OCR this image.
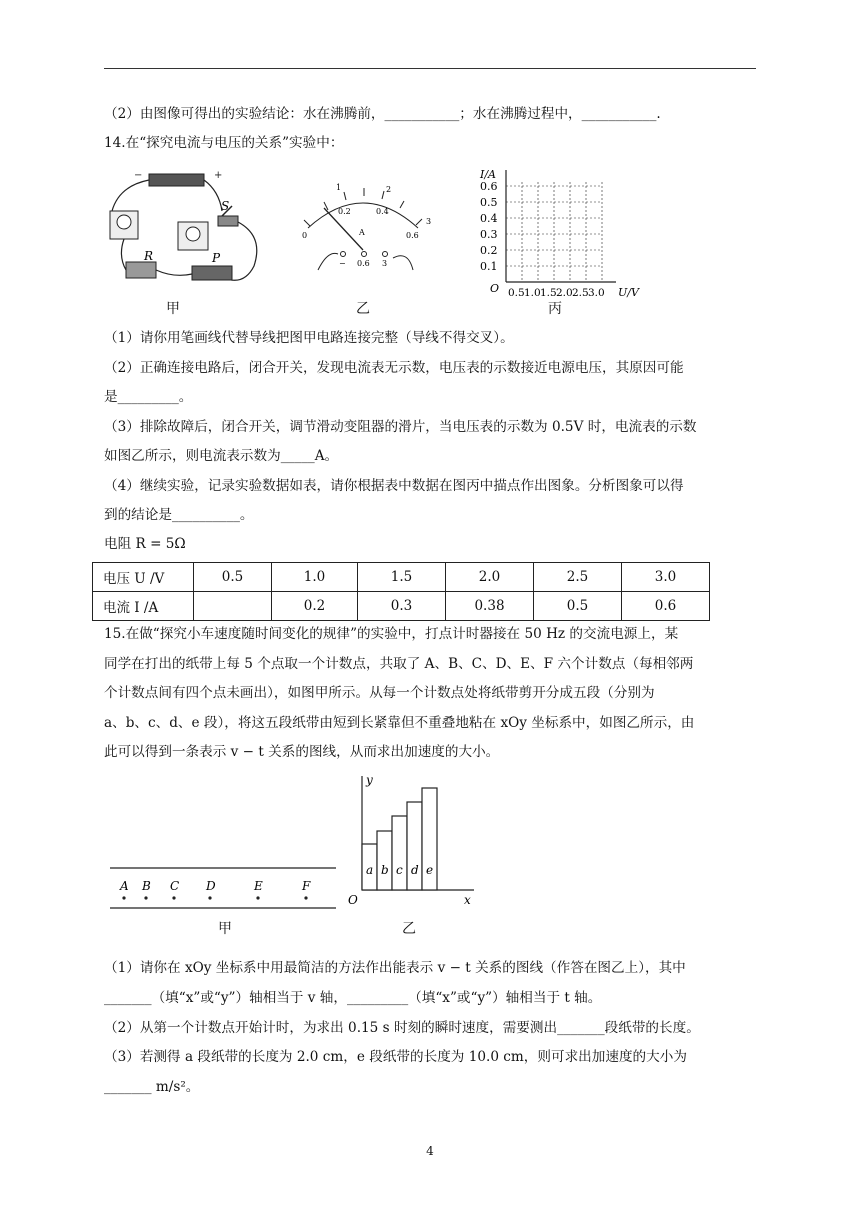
（2）由图像可得出的实验结论：水在沸腾前，___________；水在沸腾过程中，___________.
14.在“探究电流与电压的关系”实验中：
−	+
S
R	P
甲
0
0.2	0.4
0.6
1	2
3
A
− 0.6 3
乙
I/A
U/V
O
0.6
0.5
0.4
0.3
0.2
0.1
0.5 1.0 1.5 2.0 2.5 3.0
丙
（1）请你用笔画线代替导线把图甲电路连接完整（导线不得交叉）。
（2）正确连接电路后，闭合开关，发现电流表无示数，电压表的示数接近电源电压，其原因可能
是_________。
（3）排除故障后，闭合开关，调节滑动变阻器的滑片，当电压表的示数为 0.5V 时，电流表的示数
如图乙所示，则电流表示数为_____A。
（4）继续实验，记录实验数据如表，请你根据表中数据在图丙中描点作出图象。分析图象可以得
到的结论是__________。
电阻 R = 5Ω
电压 U /V	0.5	1.0	1.5	2.0	2.5	3.0
电流 I /A		0.2	0.3	0.38	0.5	0.6
15.在做“探究小车速度随时间变化的规律”的实验中，打点计时器接在 50 Hz 的交流电源上，某
同学在打出的纸带上每 5 个点取一个计数点，共取了 A、B、C、D、E、F 六个计数点（每相邻两
个计数点间有四个点未画出），如图甲所示。从每一个计数点处将纸带剪开分成五段（分别为
a、b、c、d、e 段），将这五段纸带由短到长紧靠但不重叠地粘在 xOy 坐标系中，如图乙所示，由
此可以得到一条表示 v − t 关系的图线，从而求出加速度的大小。
A B C D	E	F
甲
y
x
O
a b c d e
乙
（1）请你在 xOy 坐标系中用最简洁的方法作出能表示 v − t 关系的图线（作答在图乙上），其中
_______（填“x”或“y”）轴相当于 v 轴，_________（填“x”或“y”）轴相当于 t 轴。
（2）从第一个计数点开始计时，为求出 0.15 s 时刻的瞬时速度，需要测出_______段纸带的长度。
（3）若测得 a 段纸带的长度为 2.0 cm，e 段纸带的长度为 10.0 cm，则可求出加速度的大小为
_______ m/s²。
4
